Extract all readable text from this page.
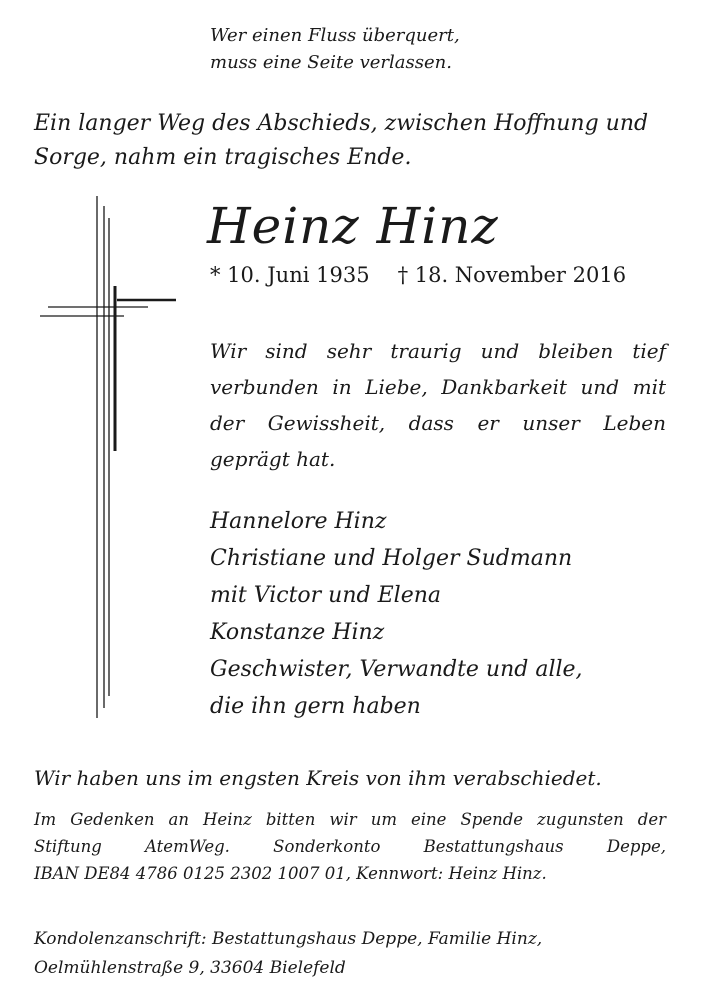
Wer einen Fluss überquert,
muss eine Seite verlassen.
Ein langer Weg des Abschieds, zwischen Hoffnung und Sorge, nahm ein tragisches Ende.
Heinz Hinz
* 10. Juni 1935 † 18. November 2016
Wir sind sehr traurig und bleiben tief verbunden in Liebe, Dankbarkeit und mit der Gewissheit, dass er unser Leben geprägt hat.
Hannelore Hinz
Christiane und Holger Sudmann
mit Victor und Elena
Konstanze Hinz
Geschwister, Verwandte und alle,
die ihn gern haben
Wir haben uns im engsten Kreis von ihm verabschiedet.
Im Gedenken an Heinz bitten wir um eine Spende zugunsten der
Stiftung AtemWeg. Sonderkonto Bestattungshaus Deppe,
IBAN DE84 4786 0125 2302 1007 01, Kennwort: Heinz Hinz.
Kondolenzanschrift: Bestattungshaus Deppe, Familie Hinz,
Oelmühlenstraße 9, 33604 Bielefeld
